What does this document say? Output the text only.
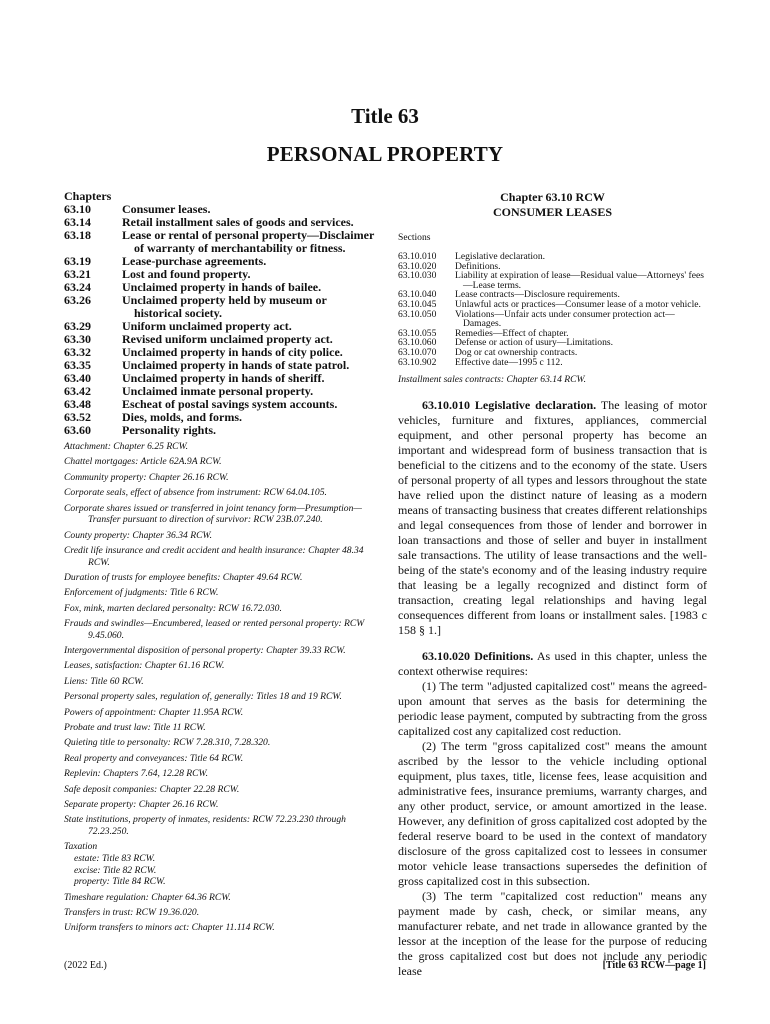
Title 63
PERSONAL PROPERTY
Chapters
63.10	Consumer leases.
63.14	Retail installment sales of goods and services.
63.18	Lease or rental of personal property—Disclaimer of warranty of merchantability or fitness.
63.19	Lease-purchase agreements.
63.21	Lost and found property.
63.24	Unclaimed property in hands of bailee.
63.26	Unclaimed property held by museum or historical society.
63.29	Uniform unclaimed property act.
63.30	Revised uniform unclaimed property act.
63.32	Unclaimed property in hands of city police.
63.35	Unclaimed property in hands of state patrol.
63.40	Unclaimed property in hands of sheriff.
63.42	Unclaimed inmate personal property.
63.48	Escheat of postal savings system accounts.
63.52	Dies, molds, and forms.
63.60	Personality rights.
Attachment: Chapter 6.25 RCW.
Chattel mortgages: Article 62A.9A RCW.
Community property: Chapter 26.16 RCW.
Corporate seals, effect of absence from instrument: RCW 64.04.105.
Corporate shares issued or transferred in joint tenancy form—Presumption—Transfer pursuant to direction of survivor: RCW 23B.07.240.
County property: Chapter 36.34 RCW.
Credit life insurance and credit accident and health insurance: Chapter 48.34 RCW.
Duration of trusts for employee benefits: Chapter 49.64 RCW.
Enforcement of judgments: Title 6 RCW.
Fox, mink, marten declared personalty: RCW 16.72.030.
Frauds and swindles—Encumbered, leased or rented personal property: RCW 9.45.060.
Intergovernmental disposition of personal property: Chapter 39.33 RCW.
Leases, satisfaction: Chapter 61.16 RCW.
Liens: Title 60 RCW.
Personal property sales, regulation of, generally: Titles 18 and 19 RCW.
Powers of appointment: Chapter 11.95A RCW.
Probate and trust law: Title 11 RCW.
Quieting title to personalty: RCW 7.28.310, 7.28.320.
Real property and conveyances: Title 64 RCW.
Replevin: Chapters 7.64, 12.28 RCW.
Safe deposit companies: Chapter 22.28 RCW.
Separate property: Chapter 26.16 RCW.
State institutions, property of inmates, residents: RCW 72.23.230 through 72.23.250.
Taxation
estate: Title 83 RCW.
excise: Title 82 RCW.
property: Title 84 RCW.
Timeshare regulation: Chapter 64.36 RCW.
Transfers in trust: RCW 19.36.020.
Uniform transfers to minors act: Chapter 11.114 RCW.
Chapter 63.10 RCW
CONSUMER LEASES
Sections
63.10.010	Legislative declaration.
63.10.020	Definitions.
63.10.030	Liability at expiration of lease—Residual value—Attorneys' fees—Lease terms.
63.10.040	Lease contracts—Disclosure requirements.
63.10.045	Unlawful acts or practices—Consumer lease of a motor vehicle.
63.10.050	Violations—Unfair acts under consumer protection act—Damages.
63.10.055	Remedies—Effect of chapter.
63.10.060	Defense or action of usury—Limitations.
63.10.070	Dog or cat ownership contracts.
63.10.902	Effective date—1995 c 112.
Installment sales contracts: Chapter 63.14 RCW.

63.10.010 Legislative declaration. The leasing of motor vehicles, furniture and fixtures, appliances, commercial equipment, and other personal property has become an important and widespread form of business transaction that is beneficial to the citizens and to the economy of the state. Users of personal property of all types and lessors throughout the state have relied upon the distinct nature of leasing as a modern means of transacting business that creates different relationships and legal consequences from those of lender and borrower in loan transactions and those of seller and buyer in installment sale transactions. The utility of lease transactions and the well-being of the state's economy and of the leasing industry require that leasing be a legally recognized and distinct form of transaction, creating legal relationships and having legal consequences different from loans or installment sales. [1983 c 158 § 1.]

63.10.020 Definitions. As used in this chapter, unless the context otherwise requires:

(1) The term "adjusted capitalized cost" means the agreed-upon amount that serves as the basis for determining the periodic lease payment, computed by subtracting from the gross capitalized cost any capitalized cost reduction.

(2) The term "gross capitalized cost" means the amount ascribed by the lessor to the vehicle including optional equipment, plus taxes, title, license fees, lease acquisition and administrative fees, insurance premiums, warranty charges, and any other product, service, or amount amortized in the lease. However, any definition of gross capitalized cost adopted by the federal reserve board to be used in the context of mandatory disclosure of the gross capitalized cost to lessees in consumer motor vehicle lease transactions supersedes the definition of gross capitalized cost in this subsection.

(3) The term "capitalized cost reduction" means any payment made by cash, check, or similar means, any manufacturer rebate, and net trade in allowance granted by the lessor at the inception of the lease for the purpose of reducing the gross capitalized cost but does not include any periodic lease

(2022 Ed.)	[Title 63 RCW—page 1]
